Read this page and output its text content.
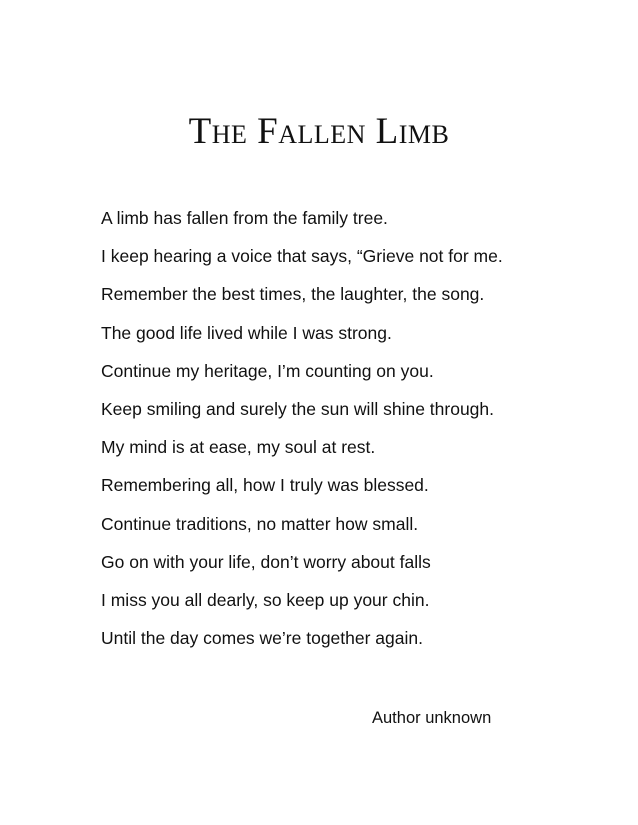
The Fallen Limb
A limb has fallen from the family tree.
I keep hearing a voice that says, “Grieve not for me.
Remember the best times, the laughter, the song.
The good life lived while I was strong.
Continue my heritage, I’m counting on you.
Keep smiling and surely the sun will shine through.
My mind is at ease, my soul at rest.
Remembering all, how I truly was blessed.
Continue traditions, no matter how small.
Go on with your life, don’t worry about falls
I miss you all dearly, so keep up your chin.
Until the day comes we’re together again.
Author unknown
